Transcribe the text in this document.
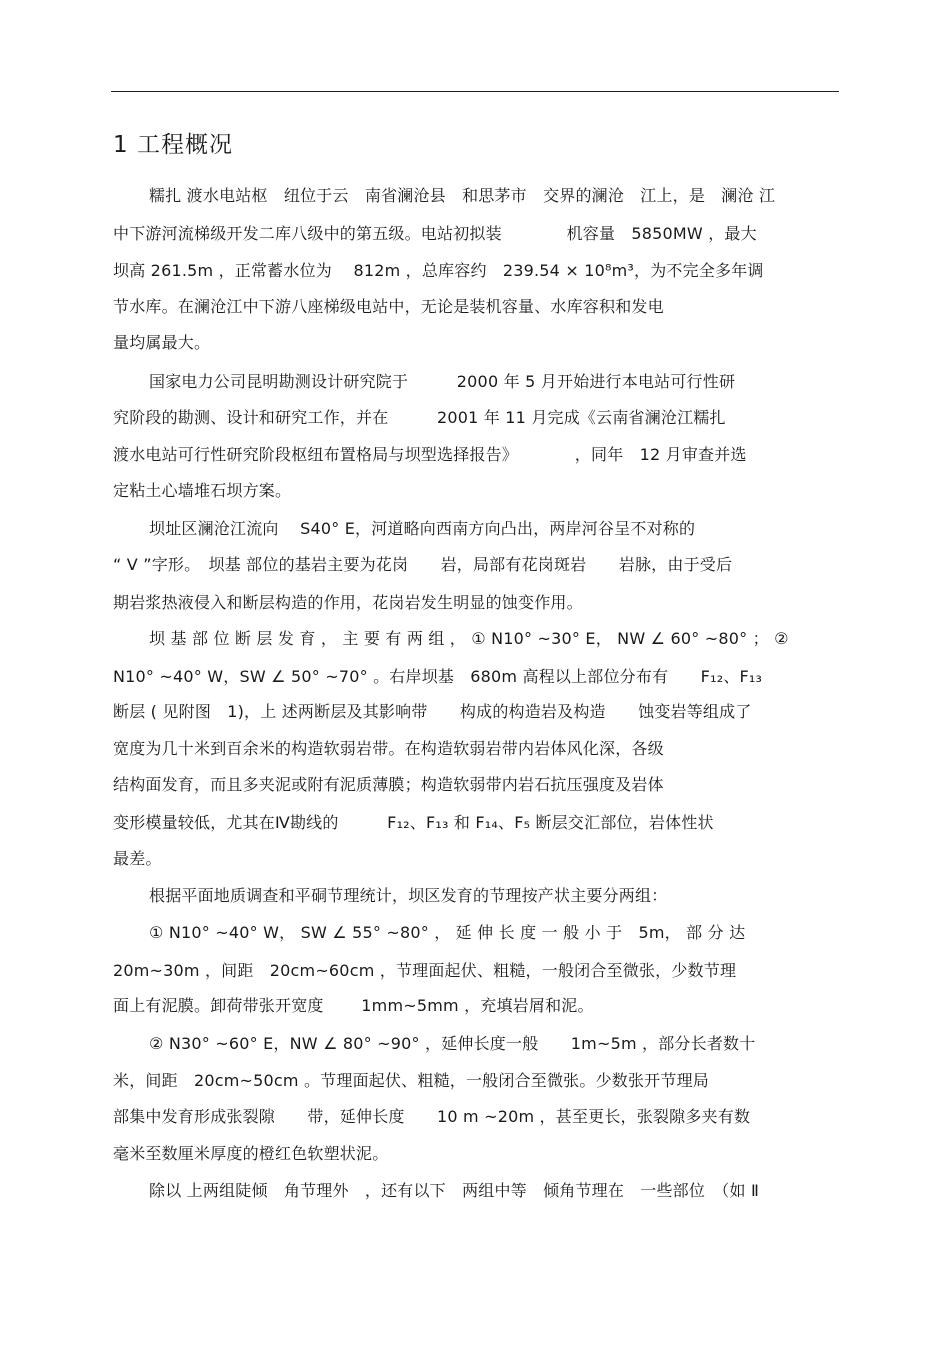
1 工程概况
糯扎 渡水电站枢　纽位于云　南省澜沧县　和思茅市　交界的澜沧　江上，是　澜沧 江
中下游河流梯级开发二库八级中的第五级。电站初拟装　　　　机容量　5850MW ，最大
坝高 261.5m ，正常蓄水位为　 812m ，总库容约　239.54 × 10⁸m³，为不完全多年调
节水库。在澜沧江中下游八座梯级电站中，无论是装机容量、水库容积和发电
量均属最大。
国家电力公司昆明勘测设计研究院于　　　2000 年 5 月开始进行本电站可行性研
究阶段的勘测、设计和研究工作，并在　　　2001 年 11 月完成《云南省澜沧江糯扎
渡水电站可行性研究阶段枢纽布置格局与坝型选择报告》　　　　，同年　12 月审查并选
定粘土心墙堆石坝方案。
坝址区澜沧江流向　 S40° E，河道略向西南方向凸出，两岸河谷呈不对称的
“ V ”字形。　坝基 部位的基岩主要为花岗　　岩，局部有花岗斑岩　　岩脉，由于受后
期岩浆热液侵入和断层构造的作用，花岗岩发生明显的蚀变作用。
坝 基 部 位 断 层 发 育 ， 主 要 有 两 组 ， ① N10° ~30° E， NW ∠ 60° ~80° ； ②
N10° ~40° W，SW ∠ 50° ~70° 。右岸坝基　680m 高程以上部位分布有　　F₁₂、F₁₃
断层 ( 见附图　1)，上 述两断层及其影响带　　构成的构造岩及构造　　蚀变岩等组成了
宽度为几十米到百余米的构造软弱岩带。在构造软弱岩带内岩体风化深，各级
结构面发育，而且多夹泥或附有泥质薄膜；构造软弱带内岩石抗压强度及岩体
变形模量较低，尤其在Ⅳ勘线的　　　F₁₂、F₁₃ 和 F₁₄、F₅ 断层交汇部位，岩体性状
最差。
根据平面地质调查和平硐节理统计，坝区发育的节理按产状主要分两组：
① N10° ~40° W， SW ∠ 55° ~80° ， 延 伸 长 度 一 般 小 于　5m， 部 分 达
20m~30m ，间距　20cm~60cm ，节理面起伏、粗糙，一般闭合至微张，少数节理
面上有泥膜。卸荷带张开宽度　　 1mm~5mm ，充填岩屑和泥。
② N30° ~60° E，NW ∠ 80° ~90° ，延伸长度一般　　1m~5m ，部分长者数十
米，间距　20cm~50cm 。节理面起伏、粗糙，一般闭合至微张。少数张开节理局
部集中发育形成张裂隙　　带，延伸长度　　10 m ~20m ，甚至更长，张裂隙多夹有数
毫米至数厘米厚度的橙红色软塑状泥。
除以 上两组陡倾　角节理外　，还有以下　两组中等　倾角节理在　一些部位　（如 Ⅱ
